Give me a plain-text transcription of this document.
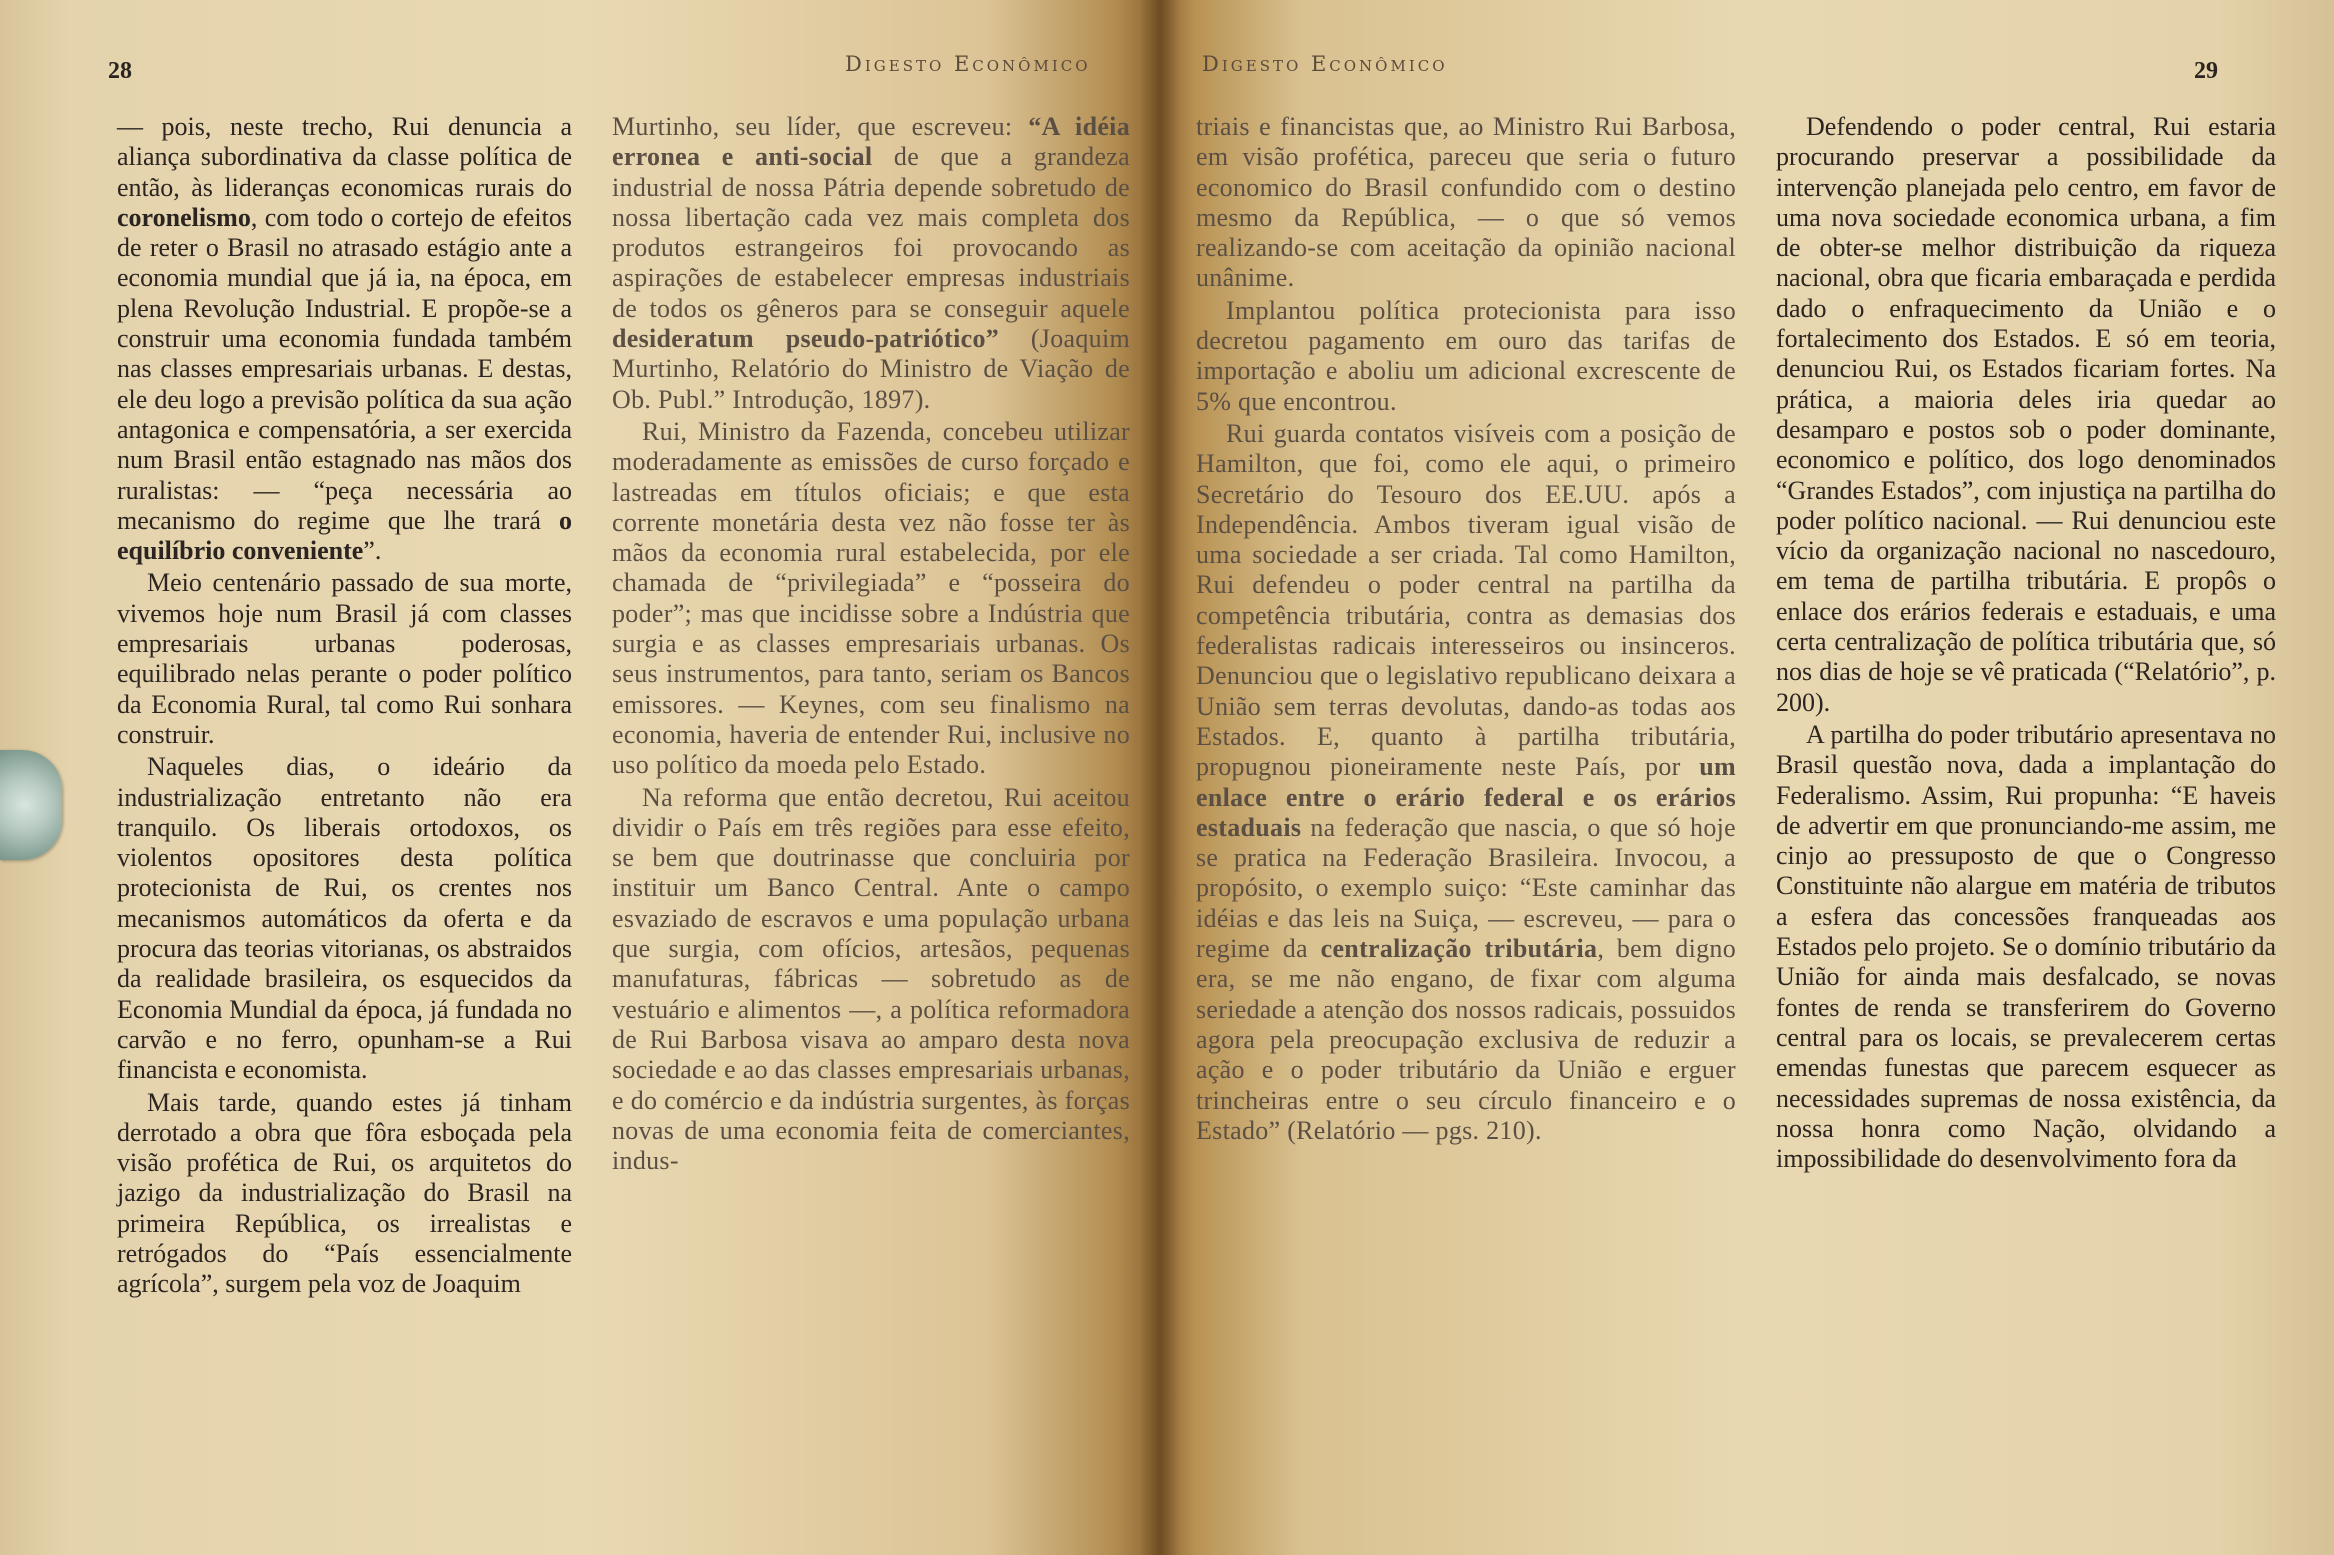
28	Digesto Econômico

— pois, neste trecho, Rui denuncia a aliança subordinativa da classe política de então, às lideranças economicas rurais do coronelismo, com todo o cortejo de efeitos de reter o Brasil no atrasado estágio ante a economia mundial que já ia, na época, em plena Revolução Industrial. E propõe-se a construir uma economia fundada também nas classes empresariais urbanas. E destas, ele deu logo a previsão política da sua ação antagonica e compensatória, a ser exercida num Brasil então estagnado nas mãos dos ruralistas: — “peça necessária ao mecanismo do regime que lhe trará o equilíbrio conveniente”.

Meio centenário passado de sua morte, vivemos hoje num Brasil já com classes empresariais urbanas poderosas, equilibrado nelas perante o poder político da Economia Rural, tal como Rui sonhara construir.

Naqueles dias, o ideário da industrialização entretanto não era tranquilo. Os liberais ortodoxos, os violentos opositores desta política protecionista de Rui, os crentes nos mecanismos automáticos da oferta e da procura das teorias vitorianas, os abstraidos da realidade brasileira, os esquecidos da Economia Mundial da época, já fundada no carvão e no ferro, opunham-se a Rui financista e economista.

Mais tarde, quando estes já tinham derrotado a obra que fôra esboçada pela visão profética de Rui, os arquitetos do jazigo da industrialização do Brasil na primeira República, os irrealistas e retrógados do “País essencialmente agrícola”, surgem pela voz de Joaquim

Murtinho, seu líder, que escreveu: “A idéia erronea e anti-social de que a grandeza industrial de nossa Pátria depende sobretudo de nossa libertação cada vez mais completa dos produtos estrangeiros foi provocando as aspirações de estabelecer empresas industriais de todos os gêneros para se conseguir aquele desideratum pseudo-patriótico” (Joaquim Murtinho, Relatório do Ministro de Viação de Ob. Publ.” Introdução, 1897).

Rui, Ministro da Fazenda, concebeu utilizar moderadamente as emissões de curso forçado e lastreadas em títulos oficiais; e que esta corrente monetária desta vez não fosse ter às mãos da economia rural estabelecida, por ele chamada de “privilegiada” e “posseira do poder”; mas que incidisse sobre a Indústria que surgia e as classes empresariais urbanas. Os seus instrumentos, para tanto, seriam os Bancos emissores. — Keynes, com seu finalismo na economia, haveria de entender Rui, inclusive no uso político da moeda pelo Estado.

Na reforma que então decretou, Rui aceitou dividir o País em três regiões para esse efeito, se bem que doutrinasse que concluiria por instituir um Banco Central. Ante o campo esvaziado de escravos e uma população urbana que surgia, com ofícios, artesãos, pequenas manufaturas, fábricas — sobretudo as de vestuário e alimentos —, a política reformadora de Rui Barbosa visava ao amparo desta nova sociedade e ao das classes empresariais urbanas, e do comércio e da indústria surgentes, às forças novas de uma economia feita de comerciantes, indus-

Digesto Econômico	29

triais e financistas que, ao Ministro Rui Barbosa, em visão profética, pareceu que seria o futuro economico do Brasil confundido com o destino mesmo da República, — o que só vemos realizando-se com aceitação da opinião nacional unânime.

Implantou política protecionista para isso decretou pagamento em ouro das tarifas de importação e aboliu um adicional excrescente de 5% que encontrou.

Rui guarda contatos visíveis com a posição de Hamilton, que foi, como ele aqui, o primeiro Secretário do Tesouro dos EE.UU. após a Independência. Ambos tiveram igual visão de uma sociedade a ser criada. Tal como Hamilton, Rui defendeu o poder central na partilha da competência tributária, contra as demasias dos federalistas radicais interesseiros ou insinceros. Denunciou que o legislativo republicano deixara a União sem terras devolutas, dando-as todas aos Estados. E, quanto à partilha tributária, propugnou pioneiramente neste País, por um enlace entre o erário federal e os erários estaduais na federação que nascia, o que só hoje se pratica na Federação Brasileira. Invocou, a propósito, o exemplo suiço: “Este caminhar das idéias e das leis na Suiça, — escreveu, — para o regime da centralização tributária, bem digno era, se me não engano, de fixar com alguma seriedade a atenção dos nossos radicais, possuidos agora pela preocupação exclusiva de reduzir a ação e o poder tributário da União e erguer trincheiras entre o seu círculo financeiro e o Estado” (Relatório — pgs. 210).

Defendendo o poder central, Rui estaria procurando preservar a possibilidade da intervenção planejada pelo centro, em favor de uma nova sociedade economica urbana, a fim de obter-se melhor distribuição da riqueza nacional, obra que ficaria embaraçada e perdida dado o enfraquecimento da União e o fortalecimento dos Estados. E só em teoria, denunciou Rui, os Estados ficariam fortes. Na prática, a maioria deles iria quedar ao desamparo e postos sob o poder dominante, economico e político, dos logo denominados “Grandes Estados”, com injustiça na partilha do poder político nacional. — Rui denunciou este vício da organização nacional no nascedouro, em tema de partilha tributária. E propôs o enlace dos erários federais e estaduais, e uma certa centralização de política tributária que, só nos dias de hoje se vê praticada (“Relatório”, p. 200).

A partilha do poder tributário apresentava no Brasil questão nova, dada a implantação do Federalismo. Assim, Rui propunha: “E haveis de advertir em que pronunciando-me assim, me cinjo ao pressuposto de que o Congresso Constituinte não alargue em matéria de tributos a esfera das concessões franqueadas aos Estados pelo projeto. Se o domínio tributário da União for ainda mais desfalcado, se novas fontes de renda se transferirem do Governo central para os locais, se prevalecerem certas emendas funestas que parecem esquecer as necessidades supremas de nossa existência, da nossa honra como Nação, olvidando a impossibilidade do desenvolvimento fora da
